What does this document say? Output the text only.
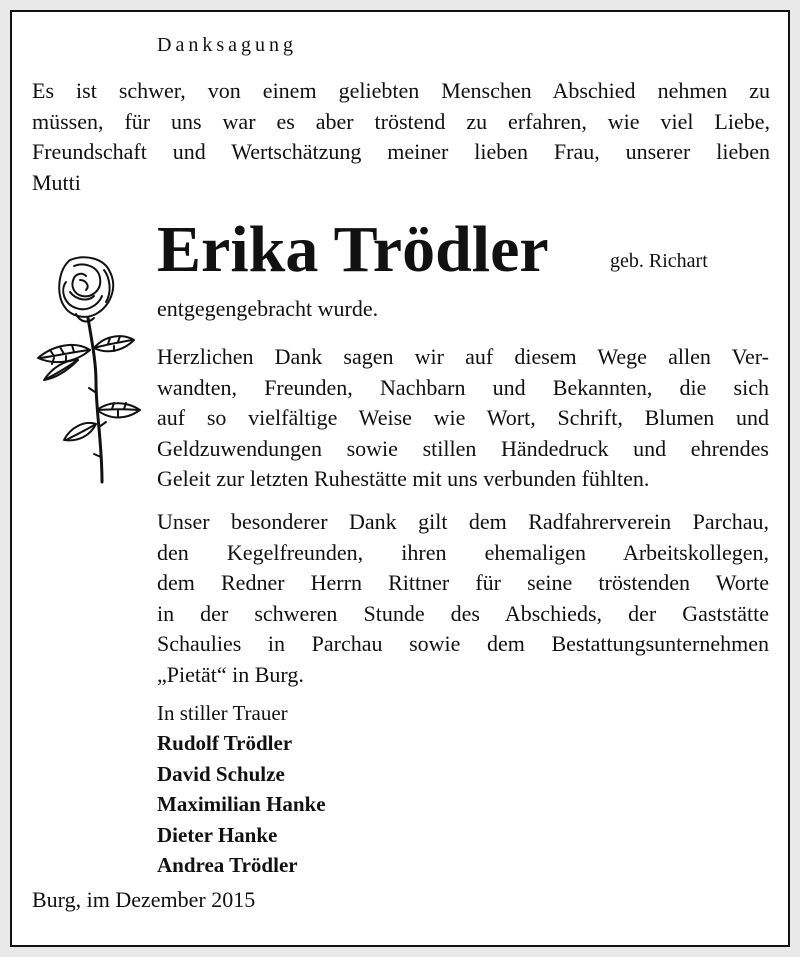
Danksagung
Es ist schwer, von einem geliebten Menschen Abschied nehmen zu
müssen, für uns war es aber tröstend zu erfahren, wie viel Liebe,
Freundschaft und Wertschätzung meiner lieben Frau, unserer lieben
Mutti
Erika Trödler	geb. Richart
entgegengebracht wurde.
Herzlichen Dank sagen wir auf diesem Wege allen Ver-
wandten, Freunden, Nachbarn und Bekannten, die sich
auf so vielfältige Weise wie Wort, Schrift, Blumen und
Geldzuwendungen sowie stillen Händedruck und ehrendes
Geleit zur letzten Ruhestätte mit uns verbunden fühlten.
Unser besonderer Dank gilt dem Radfahrerverein Parchau,
den Kegelfreunden, ihren ehemaligen Arbeitskollegen,
dem Redner Herrn Rittner für seine tröstenden Worte
in der schweren Stunde des Abschieds, der Gaststätte
Schaulies in Parchau sowie dem Bestattungsunternehmen
„Pietät“ in Burg.
In stiller Trauer
Rudolf Trödler
David Schulze
Maximilian Hanke
Dieter Hanke
Andrea Trödler
Burg, im Dezember 2015
